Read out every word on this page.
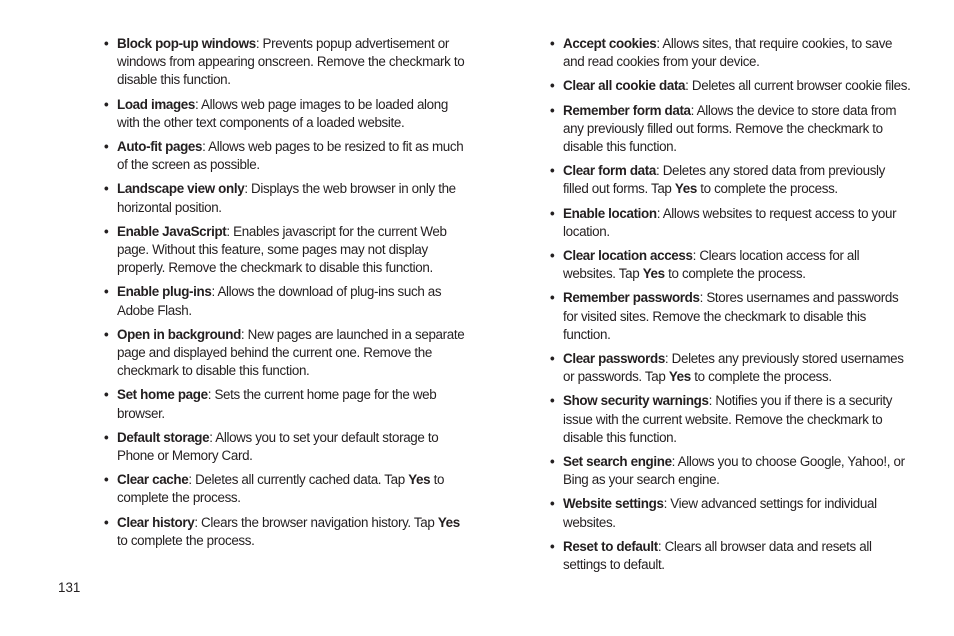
• Block pop-up windows: Prevents popup advertisement or windows from appearing onscreen. Remove the checkmark to disable this function.
• Load images: Allows web page images to be loaded along with the other text components of a loaded website.
• Auto-fit pages: Allows web pages to be resized to fit as much of the screen as possible.
• Landscape view only: Displays the web browser in only the horizontal position.
• Enable JavaScript: Enables javascript for the current Web page. Without this feature, some pages may not display properly. Remove the checkmark to disable this function.
• Enable plug-ins: Allows the download of plug-ins such as Adobe Flash.
• Open in background: New pages are launched in a separate page and displayed behind the current one. Remove the checkmark to disable this function.
• Set home page: Sets the current home page for the web browser.
• Default storage: Allows you to set your default storage to Phone or Memory Card.
• Clear cache: Deletes all currently cached data. Tap Yes to complete the process.
• Clear history: Clears the browser navigation history. Tap Yes to complete the process.
• Accept cookies: Allows sites, that require cookies, to save and read cookies from your device.
• Clear all cookie data: Deletes all current browser cookie files.
• Remember form data: Allows the device to store data from any previously filled out forms. Remove the checkmark to disable this function.
• Clear form data: Deletes any stored data from previously filled out forms. Tap Yes to complete the process.
• Enable location: Allows websites to request access to your location.
• Clear location access: Clears location access for all websites. Tap Yes to complete the process.
• Remember passwords: Stores usernames and passwords for visited sites. Remove the checkmark to disable this function.
• Clear passwords: Deletes any previously stored usernames or passwords. Tap Yes to complete the process.
• Show security warnings: Notifies you if there is a security issue with the current website. Remove the checkmark to disable this function.
• Set search engine: Allows you to choose Google, Yahoo!, or Bing as your search engine.
• Website settings: View advanced settings for individual websites.
• Reset to default: Clears all browser data and resets all settings to default.
131
